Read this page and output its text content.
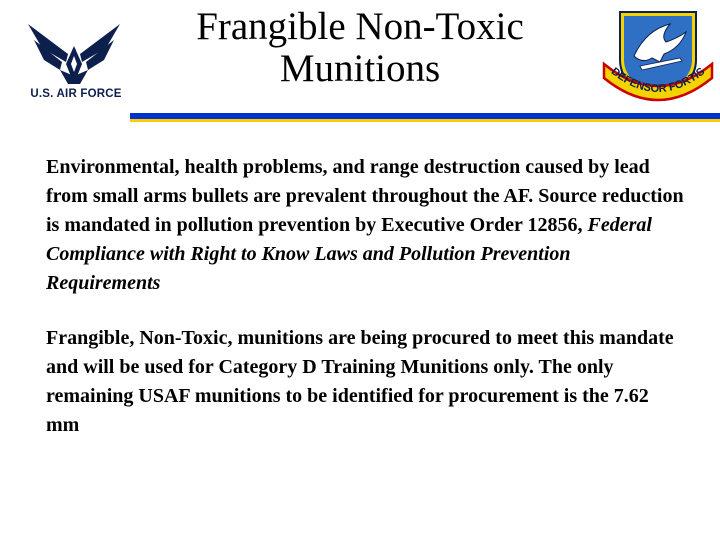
U.S. AIR FORCE
Frangible Non-Toxic
Munitions	DEFENSOR FORTIS

Environmental, health problems, and range destruction caused by lead from small arms bullets are prevalent throughout the AF. Source reduction is mandated in pollution prevention by Executive Order 12856, Federal Compliance with Right to Know Laws and Pollution Prevention Requirements

Frangible, Non-Toxic, munitions are being procured to meet this mandate and will be used for Category D Training Munitions only. The only remaining USAF munitions to be identified for procurement is the 7.62 mm
